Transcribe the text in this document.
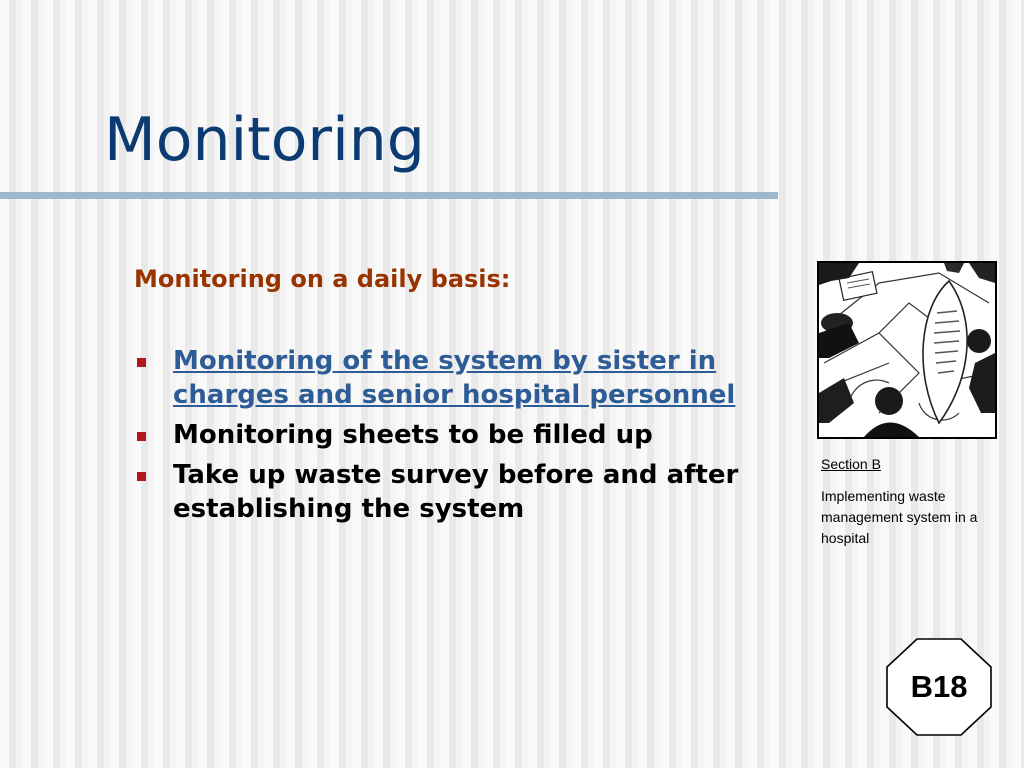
Monitoring
Monitoring on a daily basis:
Monitoring of the system by sister in charges and senior hospital personnel
Monitoring sheets to be filled up
Take up waste survey before and after establishing the system
Section B

Implementing waste management system in a hospital

B18
